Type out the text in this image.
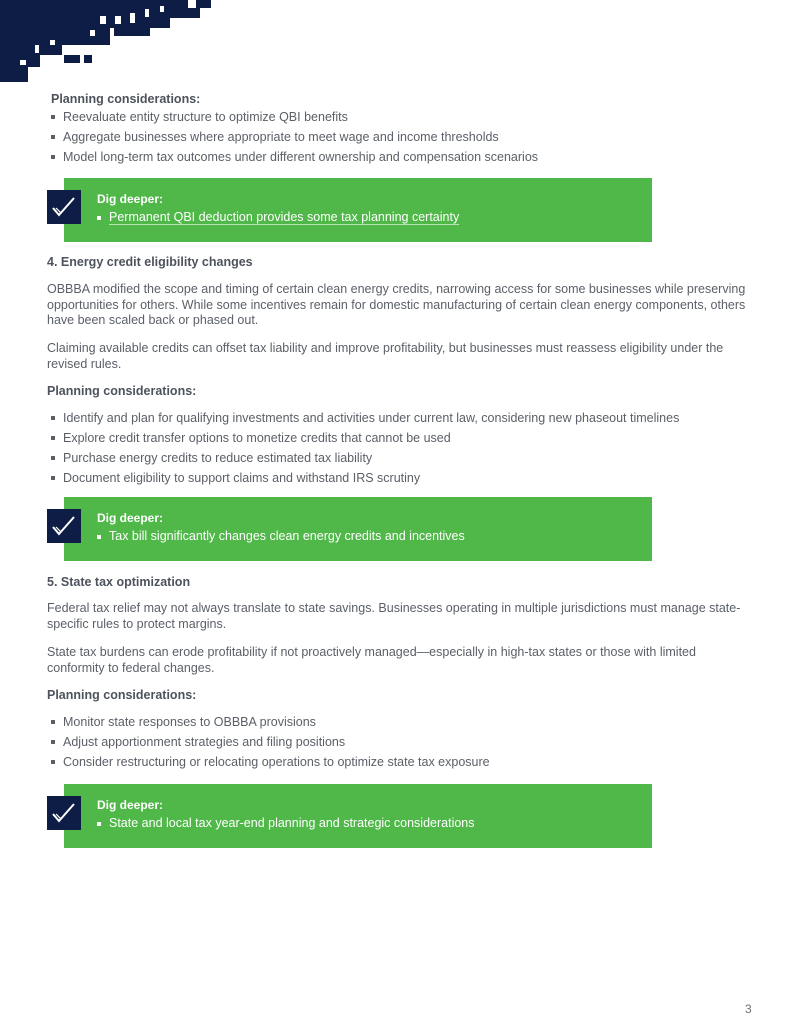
Planning considerations:
Reevaluate entity structure to optimize QBI benefits
Aggregate businesses where appropriate to meet wage and income thresholds
Model long-term tax outcomes under different ownership and compensation scenarios
Dig deeper:
Permanent QBI deduction provides some tax planning certainty
4. Energy credit eligibility changes
OBBBA modified the scope and timing of certain clean energy credits, narrowing access for some businesses while preserving opportunities for others. While some incentives remain for domestic manufacturing of certain clean energy components, others have been scaled back or phased out.
Claiming available credits can offset tax liability and improve profitability, but businesses must reassess eligibility under the revised rules.
Planning considerations:
Identify and plan for qualifying investments and activities under current law, considering new phaseout timelines
Explore credit transfer options to monetize credits that cannot be used
Purchase energy credits to reduce estimated tax liability
Document eligibility to support claims and withstand IRS scrutiny
Dig deeper:
Tax bill significantly changes clean energy credits and incentives
5. State tax optimization
Federal tax relief may not always translate to state savings. Businesses operating in multiple jurisdictions must manage state-specific rules to protect margins.
State tax burdens can erode profitability if not proactively managed—especially in high-tax states or those with limited conformity to federal changes.
Planning considerations:
Monitor state responses to OBBBA provisions
Adjust apportionment strategies and filing positions
Consider restructuring or relocating operations to optimize state tax exposure
Dig deeper:
State and local tax year-end planning and strategic considerations
3
